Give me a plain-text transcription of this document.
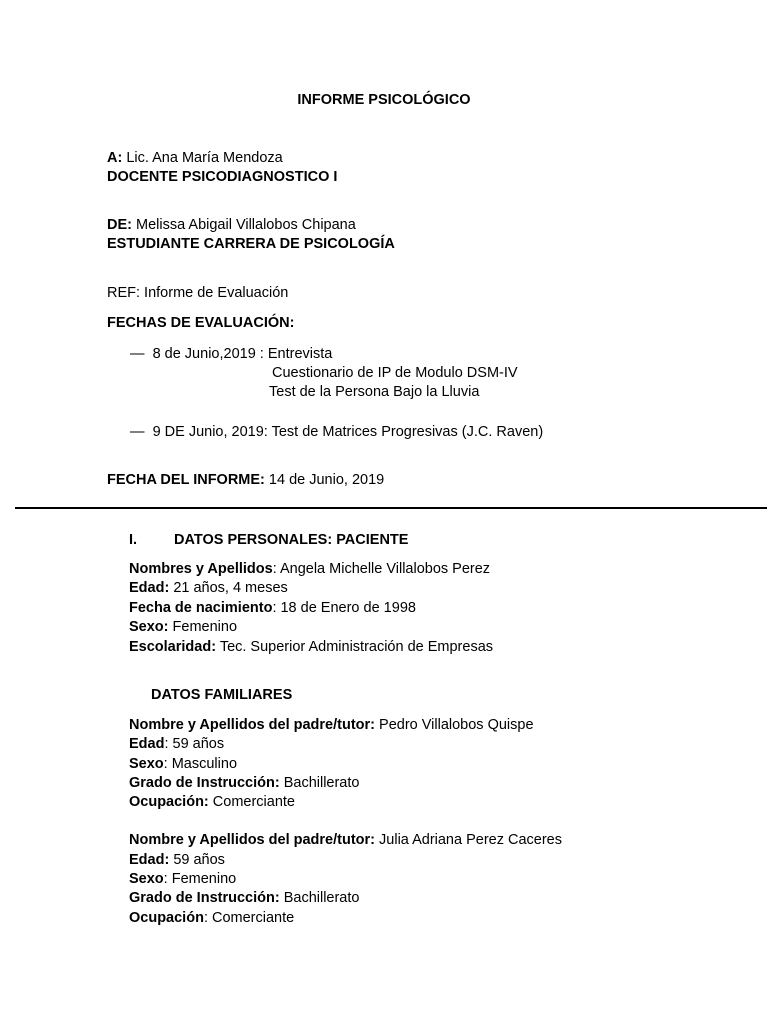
INFORME PSICOLÓGICO
A: Lic. Ana María Mendoza
DOCENTE PSICODIAGNOSTICO I
DE: Melissa Abigail Villalobos Chipana
ESTUDIANTE CARRERA DE PSICOLOGÍA
REF: Informe de Evaluación
FECHAS DE EVALUACIÓN:
— 8 de Junio,2019 : Entrevista
Cuestionario de IP de Modulo DSM-IV
Test de la Persona Bajo la Lluvia
— 9 DE Junio, 2019: Test de Matrices Progresivas (J.C. Raven)
FECHA DEL INFORME: 14 de Junio, 2019
I.	DATOS PERSONALES: PACIENTE
Nombres y Apellidos: Angela Michelle Villalobos Perez
Edad: 21 años, 4 meses
Fecha de nacimiento: 18 de Enero de 1998
Sexo: Femenino
Escolaridad: Tec. Superior Administración de Empresas
DATOS FAMILIARES
Nombre y Apellidos del padre/tutor: Pedro Villalobos Quispe
Edad: 59 años
Sexo: Masculino
Grado de Instrucción: Bachillerato
Ocupación: Comerciante
Nombre y Apellidos del padre/tutor: Julia Adriana Perez Caceres
Edad: 59 años
Sexo: Femenino
Grado de Instrucción: Bachillerato
Ocupación: Comerciante
